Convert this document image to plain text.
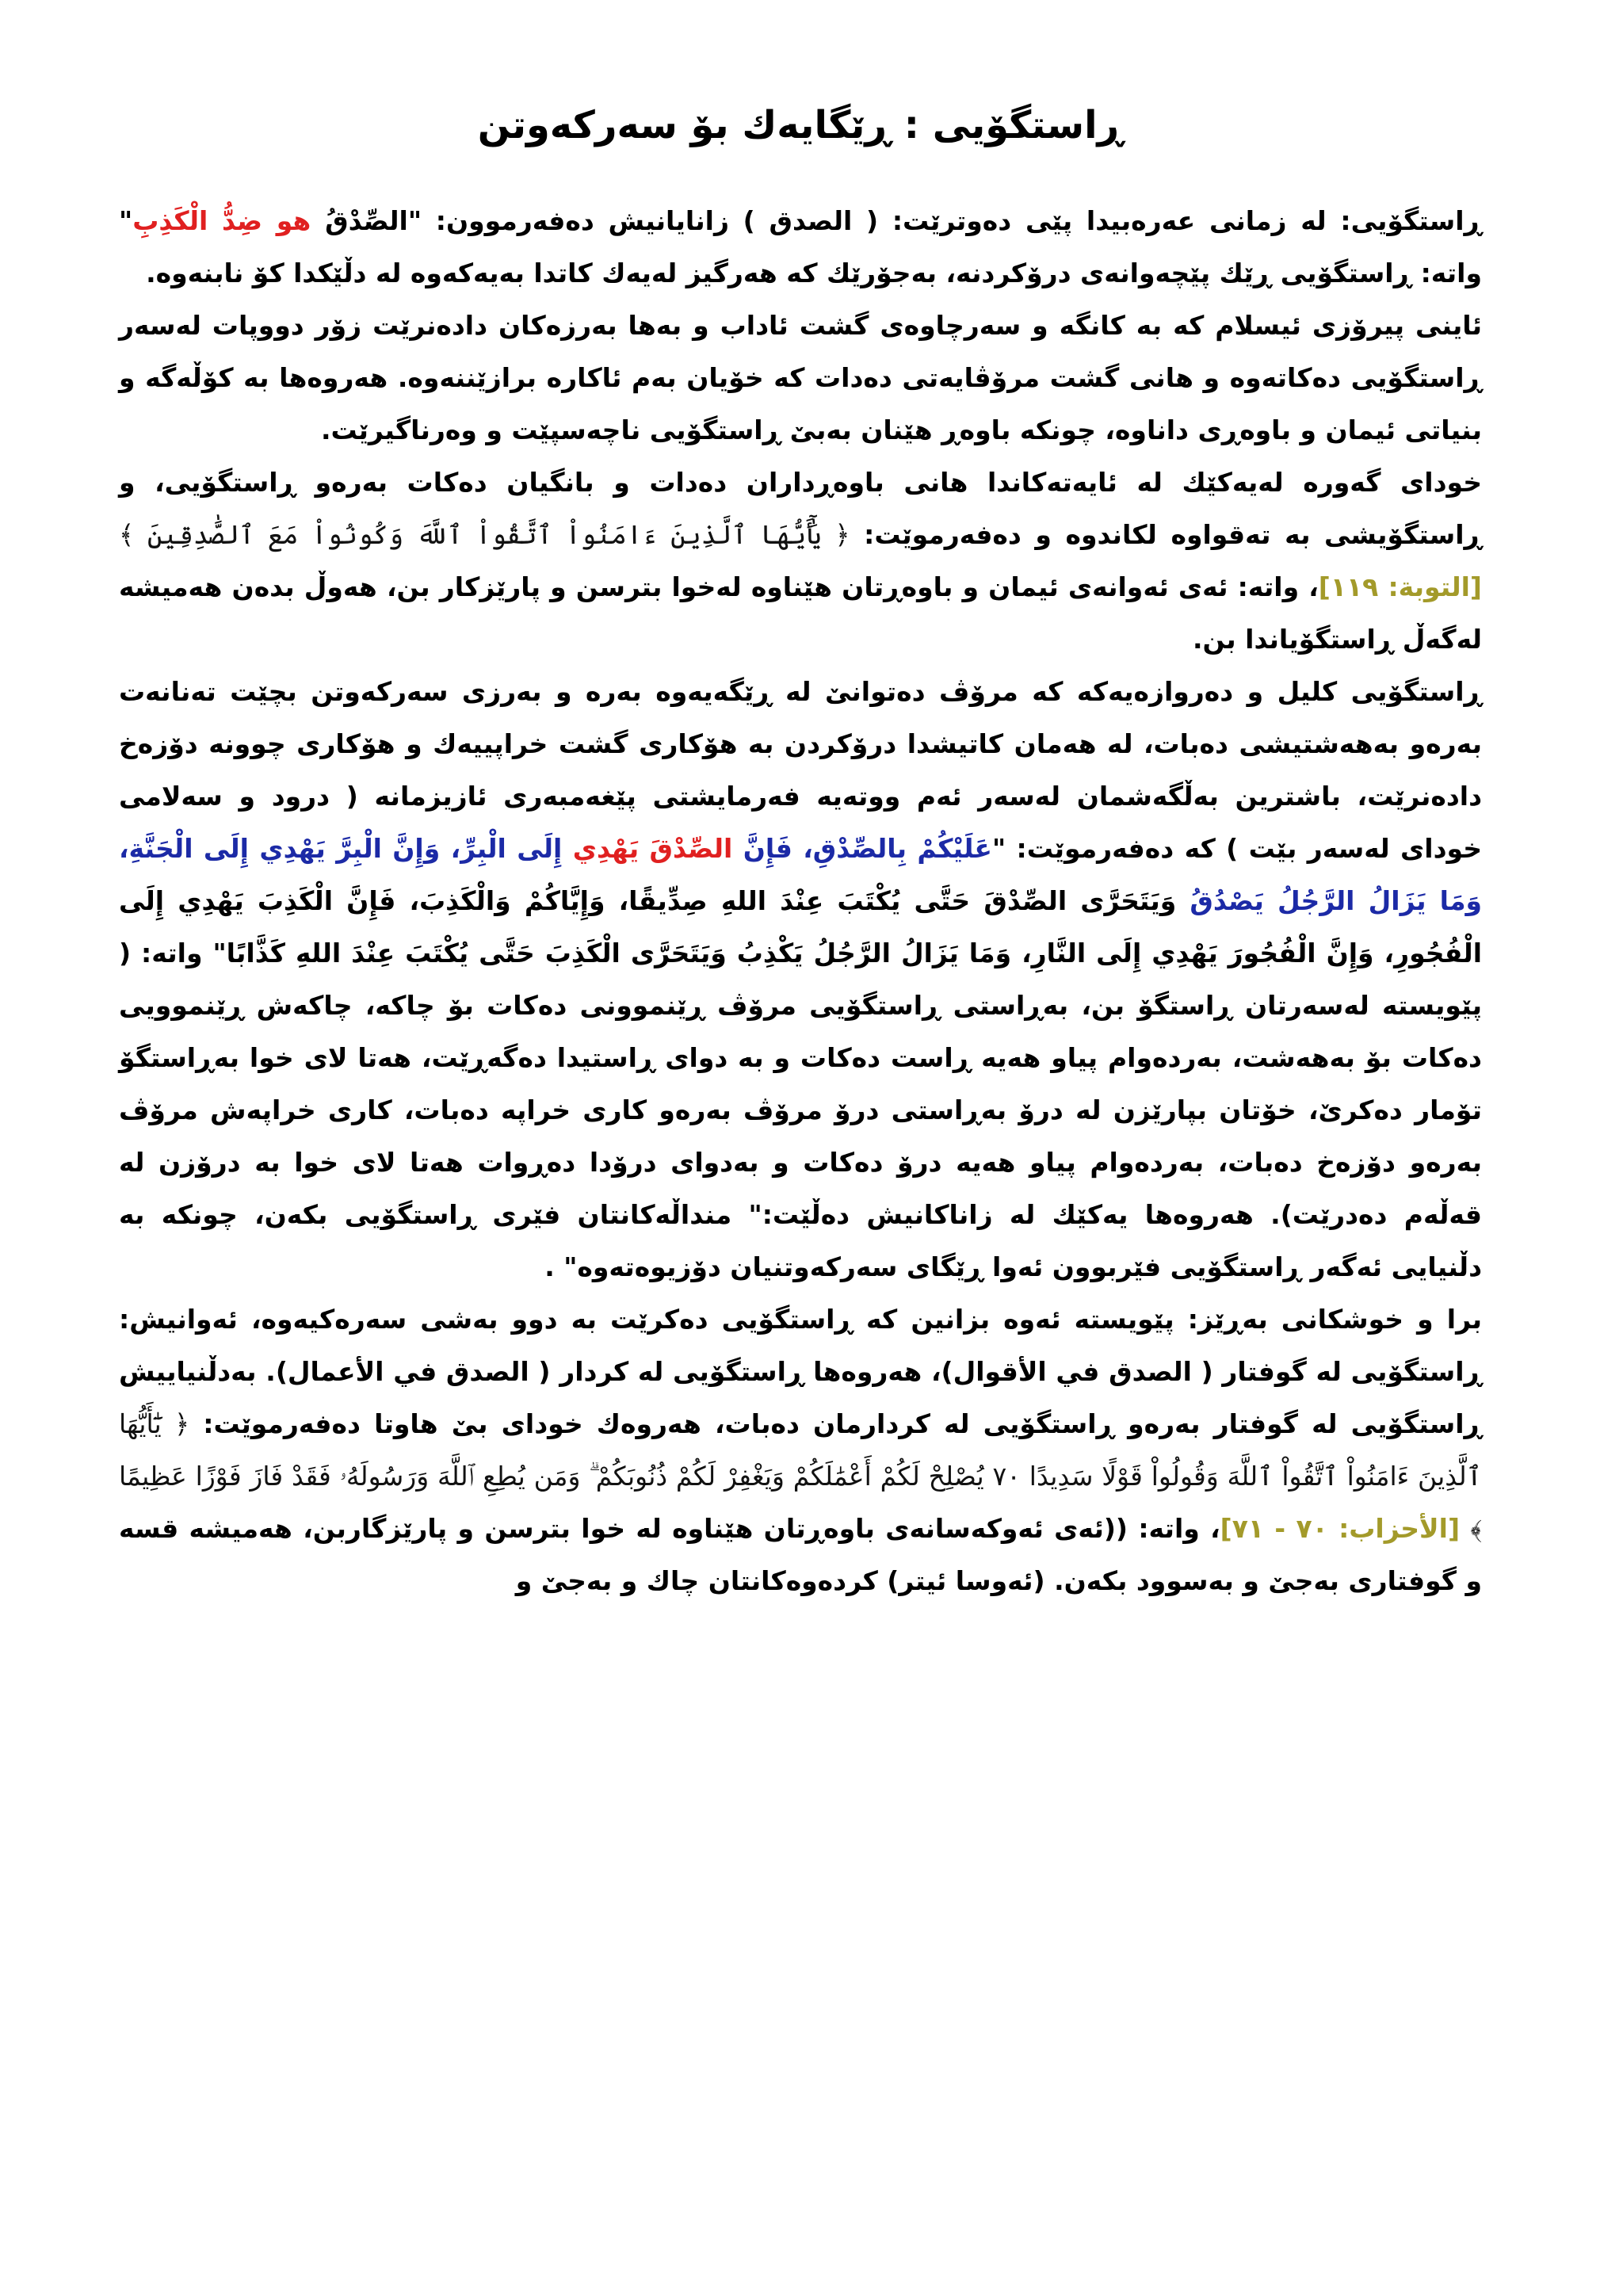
ڕاستگۆیی : ڕێگایەك بۆ سەرکەوتن

ڕاستگۆیی: لە زمانی عەرەبیدا پێی دەوترێت: ( الصدق ) زانایانیش دەفەرموون: "الصِّدْقُ هو ضِدُّ الْكَذِبِ" واتە: ڕاستگۆیی ڕێك پێچەوانەی درۆکردنە، بەجۆرێك کە هەرگیز لەیەك کاتدا بەیەکەوە لە دڵێکدا کۆ نابنەوە.

ئاینی پیرۆزی ئیسلام کە بە کانگە و سەرچاوەی گشت ئاداب و بەها بەرزەکان دادەنرێت زۆر دووپات لەسەر ڕاستگۆیی دەکاتەوە و هانی گشت مرۆڤایەتی دەدات کە خۆیان بەم ئاکارە برازێننەوە. هەروەها بە کۆڵەگە و بنیاتی ئیمان و باوەڕی داناوە، چونکە باوەڕ هێنان بەبێ ڕاستگۆیی ناچەسپێت و وەرناگیرێت.

خودای گەورە لەیەکێك لە ئایەتەکاندا هانی باوەڕداران دەدات و بانگیان دەکات بەرەو ڕاستگۆیی، و ڕاستگۆیشی بە تەقواوە لکاندوە و دەفەرموێت: ﴿ يَٰٓأَيُّهَا ٱلَّذِينَ ءَامَنُواْ ٱتَّقُواْ ٱللَّهَ وَكُونُواْ مَعَ ٱلصَّٰدِقِينَ ﴾ [التوبة: ١١٩]، واتە: ئەی ئەوانەی ئیمان و باوەڕتان هێناوە لەخوا بترسن و پارێزکار بن، هەوڵ بدەن هەمیشە لەگەڵ ڕاستگۆیاندا بن.

ڕاستگۆیی کلیل و دەروازەیەکە کە مرۆڤ دەتوانێ لە ڕێگەیەوە بەرە و بەرزی سەرکەوتن بچێت تەنانەت بەرەو بەهەشتیشی دەبات، لە هەمان کاتیشدا درۆکردن بە هۆکاری گشت خراپییەك و هۆکاری چوونە دۆزەخ دادەنرێت، باشترین بەڵگەشمان لەسەر ئەم ووتەیە فەرمایشتی پێغەمبەری ئازیزمانە ( درود و سەلامی خودای لەسەر بێت ) کە دەفەرموێت: "عَلَيْكُمْ بِالصِّدْقِ، فَإِنَّ الصِّدْقَ يَهْدِي إِلَى الْبِرِّ، وَإِنَّ الْبِرَّ يَهْدِي إِلَى الْجَنَّةِ، وَمَا يَزَالُ الرَّجُلُ يَصْدُقُ وَيَتَحَرَّى الصِّدْقَ حَتَّى يُكْتَبَ عِنْدَ اللهِ صِدِّيقًا، وَإِيَّاكُمْ وَالْكَذِبَ، فَإِنَّ الْكَذِبَ يَهْدِي إِلَى الْفُجُورِ، وَإِنَّ الْفُجُورَ يَهْدِي إِلَى النَّارِ، وَمَا يَزَالُ الرَّجُلُ يَكْذِبُ وَيَتَحَرَّى الْكَذِبَ حَتَّى يُكْتَبَ عِنْدَ اللهِ كَذَّابًا" واتە: ( پێویستە لەسەرتان ڕاستگۆ بن، بەڕاستی ڕاستگۆیی مرۆڤ ڕێنموونی دەکات بۆ چاکە، چاکەش ڕێنموویی دەکات بۆ بەهەشت، بەردەوام پیاو هەیە ڕاست دەکات و بە دوای ڕاستیدا دەگەڕێت، هەتا لای خوا بەڕاستگۆ تۆمار دەکرێ، خۆتان بپارێزن لە درۆ بەڕاستی درۆ مرۆڤ بەرەو کاری خراپە دەبات، کاری خراپەش مرۆڤ بەرەو دۆزەخ دەبات، بەردەوام پیاو هەیە درۆ دەکات و بەدوای درۆدا دەڕوات هەتا لای خوا بە درۆزن لە قەڵەم دەدرێت). هەروەها یەکێك لە زاناکانیش دەڵێت:" منداڵەکانتان فێری ڕاستگۆیی بکەن، چونکە بە دڵنیایی ئەگەر ڕاستگۆیی فێربوون ئەوا ڕێگای سەرکەوتنیان دۆزیوەتەوە" .

برا و خوشکانی بەڕێز: پێویستە ئەوە بزانین کە ڕاستگۆیی دەکرێت بە دوو بەشی سەرەکیەوە، ئەوانیش: ڕاستگۆیی لە گوفتار ( الصدق في الأقوال)، هەروەها ڕاستگۆیی لە کردار ( الصدق في الأعمال). بەدڵنیاییش ڕاستگۆیی لە گوفتار بەرەو ڕاستگۆیی لە کردارمان دەبات، هەروەك خودای بێ هاوتا دەفەرموێت: ﴿ يَٰٓأَيُّهَا ٱلَّذِينَ ءَامَنُواْ ٱتَّقُواْ ٱللَّهَ وَقُولُواْ قَوْلًا سَدِيدًا ٧٠ يُصْلِحْ لَكُمْ أَعْمَٰلَكُمْ وَيَغْفِرْ لَكُمْ ذُنُوبَكُمْ ۗ وَمَن يُطِعِ ٱللَّهَ وَرَسُولَهُۥ فَقَدْ فَازَ فَوْزًا عَظِيمًا ﴾ [الأحزاب: ٧٠ - ٧١]، واتە: ((ئەی ئەوکەسانەی باوەڕتان هێناوە لە خوا بترسن و پارێزگاربن، هەمیشە قسە و گوفتاری بەجێ و بەسوود بکەن. (ئەوسا ئیتر) کردەوەکانتان چاك و بەجێ و
